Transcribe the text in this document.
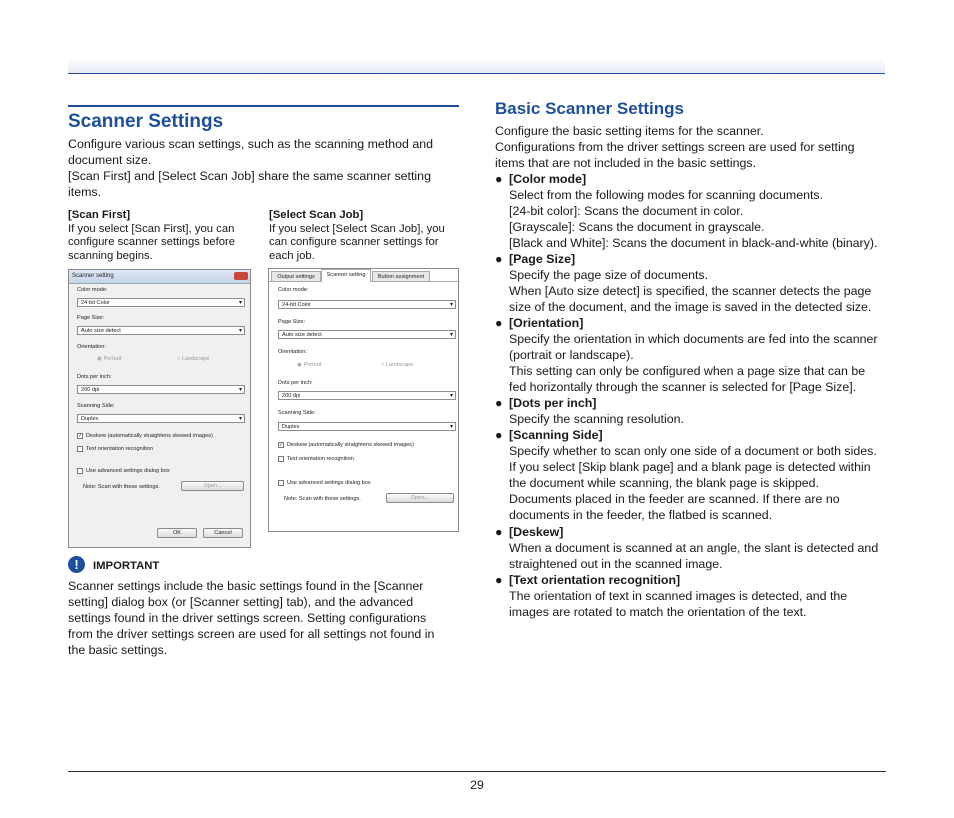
Scanner Settings
Configure various scan settings, such as the scanning method and
document size.
[Scan First] and [Select Scan Job] share the same scanner setting
items.
[Scan First]
If you select [Scan First], you can
configure scanner settings before
scanning begins.
[Select Scan Job]
If you select [Select Scan Job], you
can configure scanner settings for
each job.
Scanner setting
Color mode:
24-bit Color ▾
Page Size:
Auto size detect ▾
Orientation:
◉ Portrait	○ Landscape
Dots per inch:
200 dpi ▾
Scanning Side:
Duplex ▾
✓ Deskew (automatically straightens skewed images)
Text orientation recognition
Use advanced settings dialog box
Note: Scan with these settings.	Open...
OK	Cancel
Output settings	Scanner setting	Button assignment
Color mode:
24-bit Color ▾
Page Size:
Auto size detect ▾
Orientation:
◉ Portrait	○ Landscape
Dots per inch:
200 dpi ▾
Scanning Side:
Duplex ▾
✓ Deskew (automatically straightens skewed images)
Text orientation recognition
Use advanced settings dialog box
Note: Scan with these settings.	Open...
!	IMPORTANT
Scanner settings include the basic settings found in the [Scanner
setting] dialog box (or [Scanner setting] tab), and the advanced
settings found in the driver settings screen. Setting configurations
from the driver settings screen are used for all settings not found in
the basic settings.
Basic Scanner Settings
Configure the basic setting items for the scanner.
Configurations from the driver settings screen are used for setting
items that are not included in the basic settings.
● [Color mode]
Select from the following modes for scanning documents.
[24-bit color]: Scans the document in color.
[Grayscale]: Scans the document in grayscale.
[Black and White]: Scans the document in black-and-white (binary).
● [Page Size]
Specify the page size of documents.
When [Auto size detect] is specified, the scanner detects the page
size of the document, and the image is saved in the detected size.
● [Orientation]
Specify the orientation in which documents are fed into the scanner
(portrait or landscape).
This setting can only be configured when a page size that can be
fed horizontally through the scanner is selected for [Page Size].
● [Dots per inch]
Specify the scanning resolution.
● [Scanning Side]
Specify whether to scan only one side of a document or both sides.
If you select [Skip blank page] and a blank page is detected within
the document while scanning, the blank page is skipped.
Documents placed in the feeder are scanned. If there are no
documents in the feeder, the flatbed is scanned.
● [Deskew]
When a document is scanned at an angle, the slant is detected and
straightened out in the scanned image.
● [Text orientation recognition]
The orientation of text in scanned images is detected, and the
images are rotated to match the orientation of the text.
29
